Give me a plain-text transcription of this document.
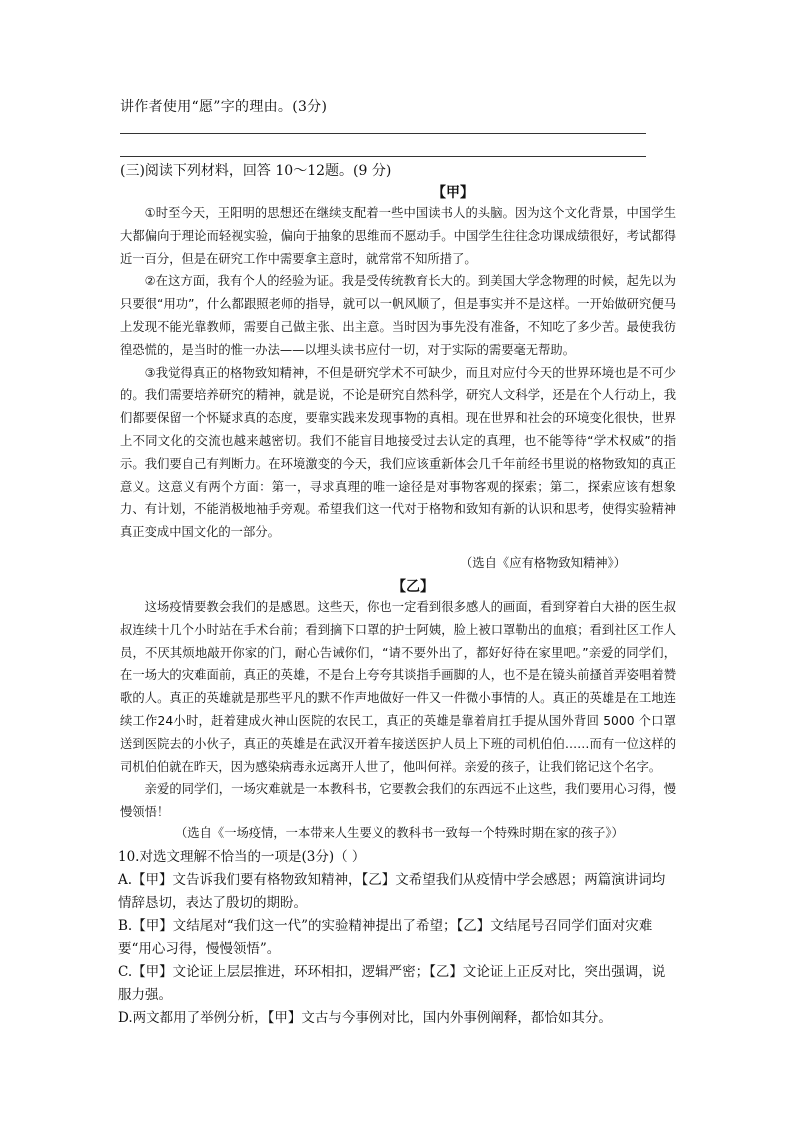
讲作者使用“愿”字的理由。(3分)
(三)阅读下列材料，回答 10～12题。(9 分)
【甲】

①时至今天，王阳明的思想还在继续支配着一些中国读书人的头脑。因为这个文化背景，中国学生大都偏向于理论而轻视实验，偏向于抽象的思维而不愿动手。中国学生往往念功课成绩很好，考试都得近一百分，但是在研究工作中需要拿主意时，就常常不知所措了。

②在这方面，我有个人的经验为证。我是受传统教育长大的。到美国大学念物理的时候，起先以为只要很“用功”，什么都跟照老师的指导，就可以一帆风顺了，但是事实并不是这样。一开始做研究便马上发现不能光靠教师，需要自己做主张、出主意。当时因为事先没有准备，不知吃了多少苦。最使我彷徨恐慌的，是当时的惟一办法——以埋头读书应付一切，对于实际的需要毫无帮助。

③我觉得真正的格物致知精神，不但是研究学术不可缺少，而且对应付今天的世界环境也是不可少的。我们需要培养研究的精神，就是说，不论是研究自然科学，研究人文科学，还是在个人行动上，我们都要保留一个怀疑求真的态度，要靠实践来发现事物的真相。现在世界和社会的环境变化很快，世界上不同文化的交流也越来越密切。我们不能盲目地接受过去认定的真理，也不能等待“学术权威”的指示。我们要自己有判断力。在环境激变的今天，我们应该重新体会几千年前经书里说的格物致知的真正意义。这意义有两个方面：第一，寻求真理的唯一途径是对事物客观的探索；第二，探索应该有想象力、有计划，不能消极地袖手旁观。希望我们这一代对于格物和致知有新的认识和思考，使得实验精神真正变成中国文化的一部分。

（选自《应有格物致知精神》）
【乙】

这场疫情要教会我们的是感恩。这些天，你也一定看到很多感人的画面，看到穿着白大褂的医生叔叔连续十几个小时站在手术台前；看到摘下口罩的护士阿姨，脸上被口罩勒出的血痕；看到社区工作人员，不厌其烦地敲开你家的门，耐心告诫你们，“请不要外出了，都好好待在家里吧。”亲爱的同学们，在一场大的灾难面前，真正的英雄，不是台上夸夸其谈指手画脚的人，也不是在镜头前搔首弄姿唱着赞歌的人。真正的英雄就是那些平凡的默不作声地做好一件又一件微小事情的人。真正的英雄是在工地连续工作24小时，赶着建成火神山医院的农民工，真正的英雄是靠着肩扛手提从国外背回 5000 个口罩送到医院去的小伙子，真正的英雄是在武汉开着车接送医护人员上下班的司机伯伯……而有一位这样的司机伯伯就在昨天，因为感染病毒永远离开人世了，他叫何祥。亲爱的孩子，让我们铭记这个名字。

亲爱的同学们，一场灾难就是一本教科书，它要教会我们的东西远不止这些，我们要用心习得，慢慢领悟！

（选自《一场疫情，一本带来人生要义的教科书一致每一个特殊时期在家的孩子》）
10.对选文理解不恰当的一项是(3分)（ ）
A.【甲】文告诉我们要有格物致知精神，【乙】文希望我们从疫情中学会感恩；两篇演讲词均情辞恳切，表达了殷切的期盼。
B.【甲】文结尾对“我们这一代”的实验精神提出了希望；【乙】文结尾号召同学们面对灾难要“用心习得，慢慢领悟”。
C.【甲】文论证上层层推进，环环相扣，逻辑严密；【乙】文论证上正反对比，突出强调，说服力强。
D.两文都用了举例分析，【甲】文古与今事例对比，国内外事例阐释，都恰如其分。
